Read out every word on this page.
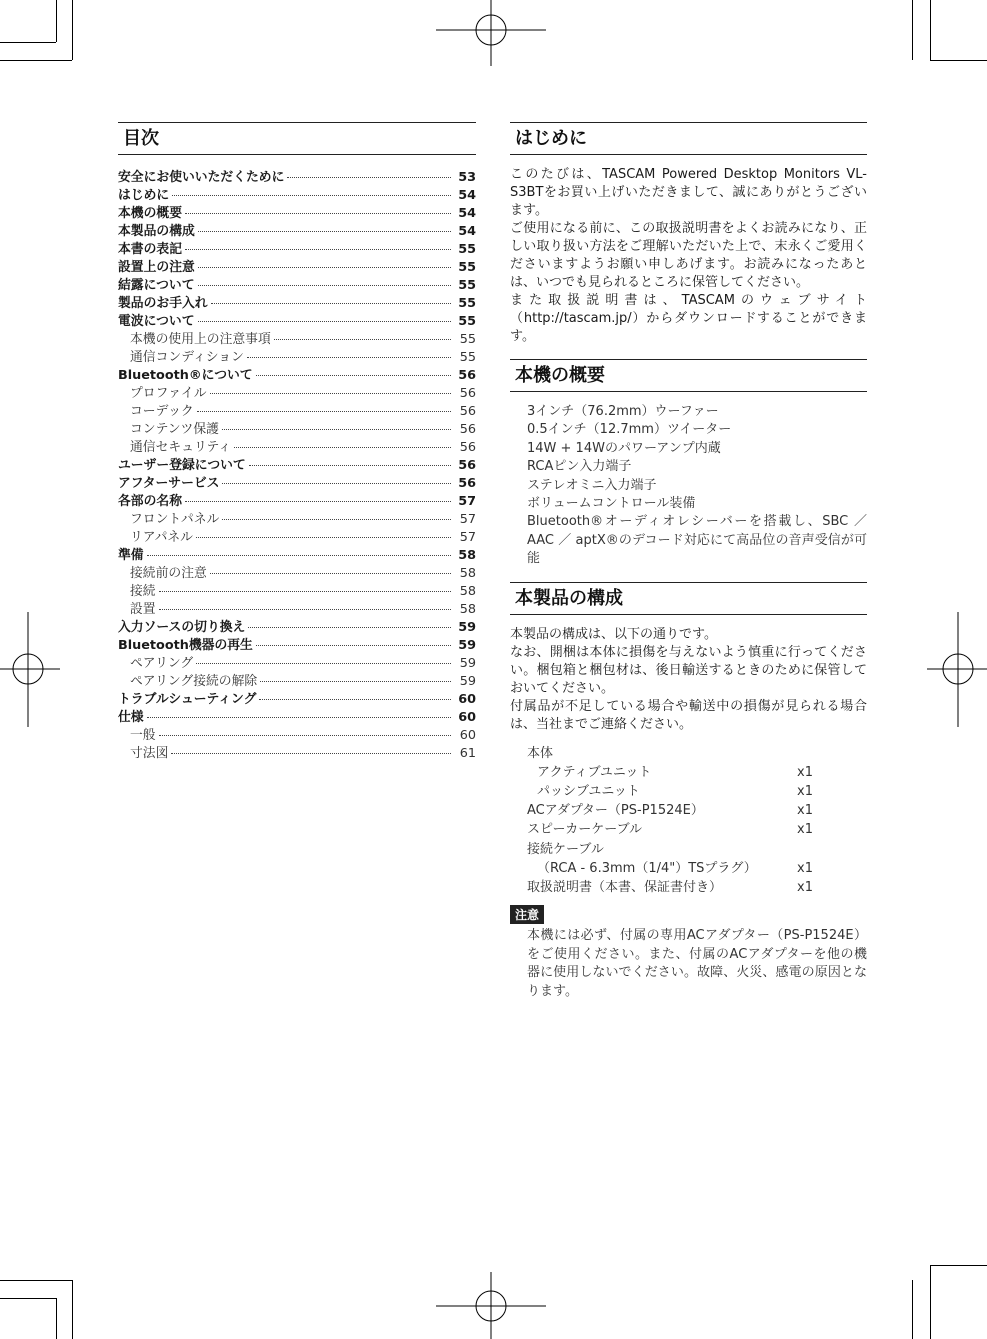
目次
安全にお使いいただくために	53
はじめに	54
本機の概要	54
本製品の構成	54
本書の表記	55
設置上の注意	55
結露について	55
製品のお手入れ	55
電波について	55
本機の使用上の注意事項	55
通信コンディション	55
Bluetooth®について	56
プロファイル	56
コーデック	56
コンテンツ保護	56
通信セキュリティ	56
ユーザー登録について	56
アフターサービス	56
各部の名称	57
フロントパネル	57
リアパネル	57
準備	58
接続前の注意	58
接続	58
設置	58
入力ソースの切り換え	59
Bluetooth機器の再生	59
ペアリング	59
ペアリング接続の解除	59
トラブルシューティング	60
仕様	60
一般	60
寸法図	61
はじめに

このたびは、TASCAM Powered Desktop Monitors VL-S3BTをお買い上げいただきまして、誠にありがとうございます。

ご使用になる前に、この取扱説明書をよくお読みになり、正しい取り扱い方法をご理解いただいた上で、末永くご愛用くださいますようお願い申しあげます。お読みになったあとは、いつでも見られるところに保管してください。

また取扱説明書は、TASCAMのウェブサイト（http://tascam.jp/）からダウンロードすることができます。

本機の概要
3インチ（76.2mm）ウーファー
0.5インチ（12.7mm）ツイーター
14W + 14Wのパワーアンプ内蔵
RCAピン入力端子
ステレオミニ入力端子
ボリュームコントロール装備
Bluetooth®オーディオレシーバーを搭載し、SBC ／ AAC ／ aptX®のデコード対応にて高品位の音声受信が可能
本製品の構成

本製品の構成は、以下の通りです。

なお、開梱は本体に損傷を与えないよう慎重に行ってください。梱包箱と梱包材は、後日輸送するときのために保管しておいてください。

付属品が不足している場合や輸送中の損傷が見られる場合は、当社までご連絡ください。

本体
アクティブユニット	x1
パッシブユニット	x1
ACアダプター（PS-P1524E）	x1
スピーカーケーブル	x1
接続ケーブル
（RCA - 6.3mm（1/4"）TSプラグ）	x1
取扱説明書（本書、保証書付き）	x1
注意

本機には必ず、付属の専用ACアダプター（PS-P1524E）をご使用ください。また、付属のACアダプターを他の機器に使用しないでください。故障、火災、感電の原因となります。
